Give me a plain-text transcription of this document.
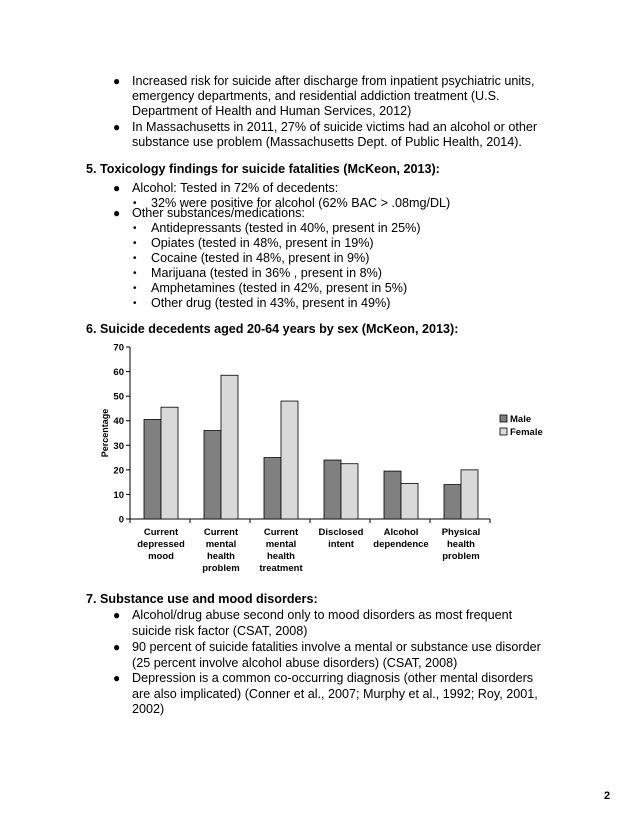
● Increased risk for suicide after discharge from inpatient psychiatric units,
emergency departments, and residential addiction treatment (U.S.
Department of Health and Human Services, 2012)
● In Massachusetts in 2011, 27% of suicide victims had an alcohol or other
substance use problem (Massachusetts Dept. of Public Health, 2014).
5. Toxicology findings for suicide fatalities (McKeon, 2013):
● Alcohol: Tested in 72% of decedents:
• 32% were positive for alcohol (62% BAC > .08mg/DL)
● Other substances/medications:
• Antidepressants (tested in 40%, present in 25%)
• Opiates (tested in 48%, present in 19%)
• Cocaine (tested in 48%, present in 9%)
• Marijuana (tested in 36% , present in 8%)
• Amphetamines (tested in 42%, present in 5%)
• Other drug (tested in 43%, present in 49%)
6. Suicide decedents aged 20-64 years by sex (McKeon, 2013):
0
10
20
30
40
50
60
70
Percentage
Current
depressed
mood
Current
mental
health
problem
Current
mental
health
treatment
Disclosed
intent
Alcohol
dependence
Physical
health
problem
Male
Female
7. Substance use and mood disorders:
● Alcohol/drug abuse second only to mood disorders as most frequent
suicide risk factor (CSAT, 2008)
● 90 percent of suicide fatalities involve a mental or substance use disorder
(25 percent involve alcohol abuse disorders) (CSAT, 2008)
● Depression is a common co-occurring diagnosis (other mental disorders
are also implicated) (Conner et al., 2007; Murphy et al., 1992; Roy, 2001,
2002)
2
